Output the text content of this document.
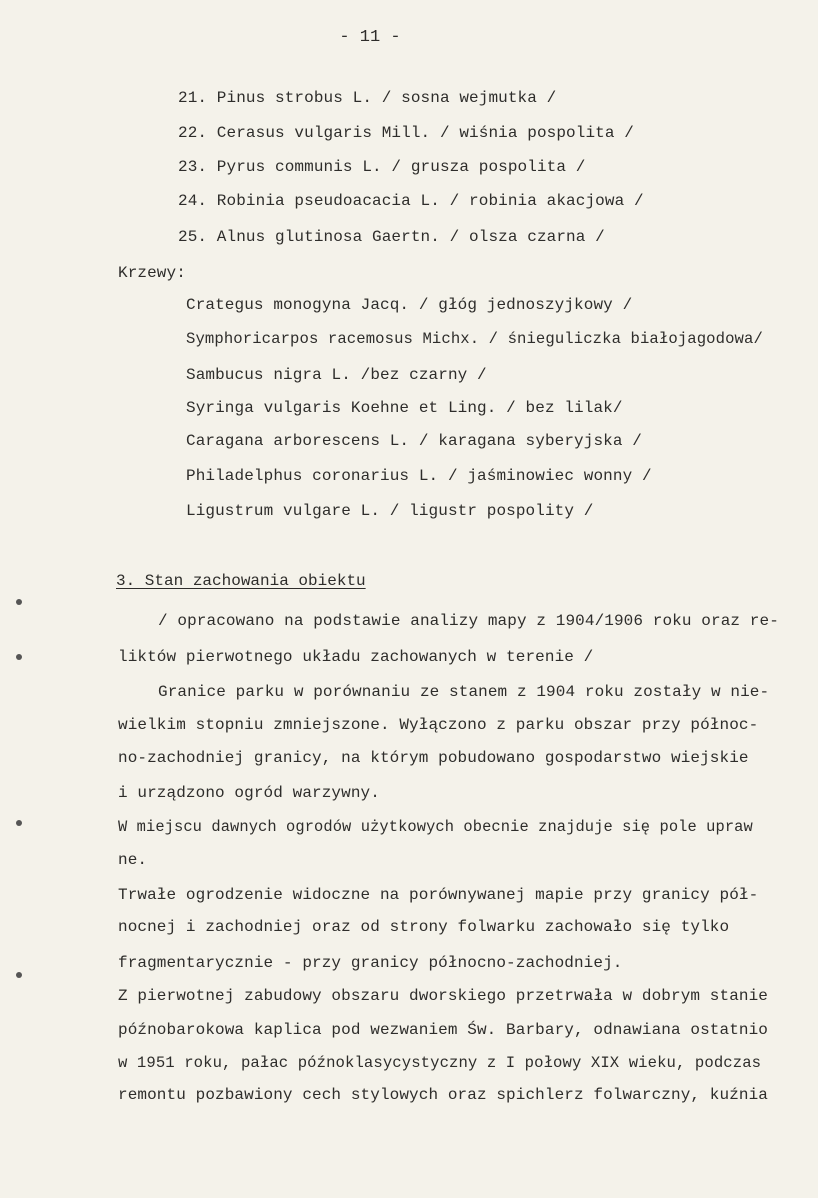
- 11 -
21. Pinus strobus L. / sosna wejmutka /
22. Cerasus vulgaris Mill. / wiśnia pospolita /
23. Pyrus communis L. / grusza pospolita /
24. Robinia pseudoacacia L. / robinia akacjowa /
25. Alnus glutinosa Gaertn. / olsza czarna /
Krzewy:
Crategus monogyna Jacq. / głóg jednoszyjkowy /
Symphoricarpos racemosus Michx. / śnieguliczka białojagodowa/
Sambucus nigra L. /bez czarny /
Syringa vulgaris Koehne et Ling. / bez lilak/
Caragana arborescens L. / karagana syberyjska /
Philadelphus coronarius L. / jaśminowiec wonny /
Ligustrum vulgare L. / ligustr pospolity /
3. Stan zachowania obiektu
/ opracowano na podstawie analizy mapy z 1904/1906 roku oraz re-
liktów pierwotnego układu zachowanych w terenie /
Granice parku w porównaniu ze stanem z 1904 roku zostały w nie-
wielkim stopniu zmniejszone. Wyłączono z parku obszar przy północ-
no-zachodniej granicy, na którym pobudowano gospodarstwo wiejskie
i urządzono ogród warzywny.
W miejscu dawnych ogrodów użytkowych obecnie znajduje się pole upraw
ne.
Trwałe ogrodzenie widoczne na porównywanej mapie przy granicy pół-
nocnej i zachodniej oraz od strony folwarku zachowało się tylko
fragmentarycznie - przy granicy północno-zachodniej.
Z pierwotnej zabudowy obszaru dworskiego przetrwała w dobrym stanie
późnobarokowa kaplica pod wezwaniem Św. Barbary, odnawiana ostatnio
w 1951 roku, pałac późnoklasycystyczny z I połowy XIX wieku, podczas
remontu pozbawiony cech stylowych oraz spichlerz folwarczny, kuźnia
